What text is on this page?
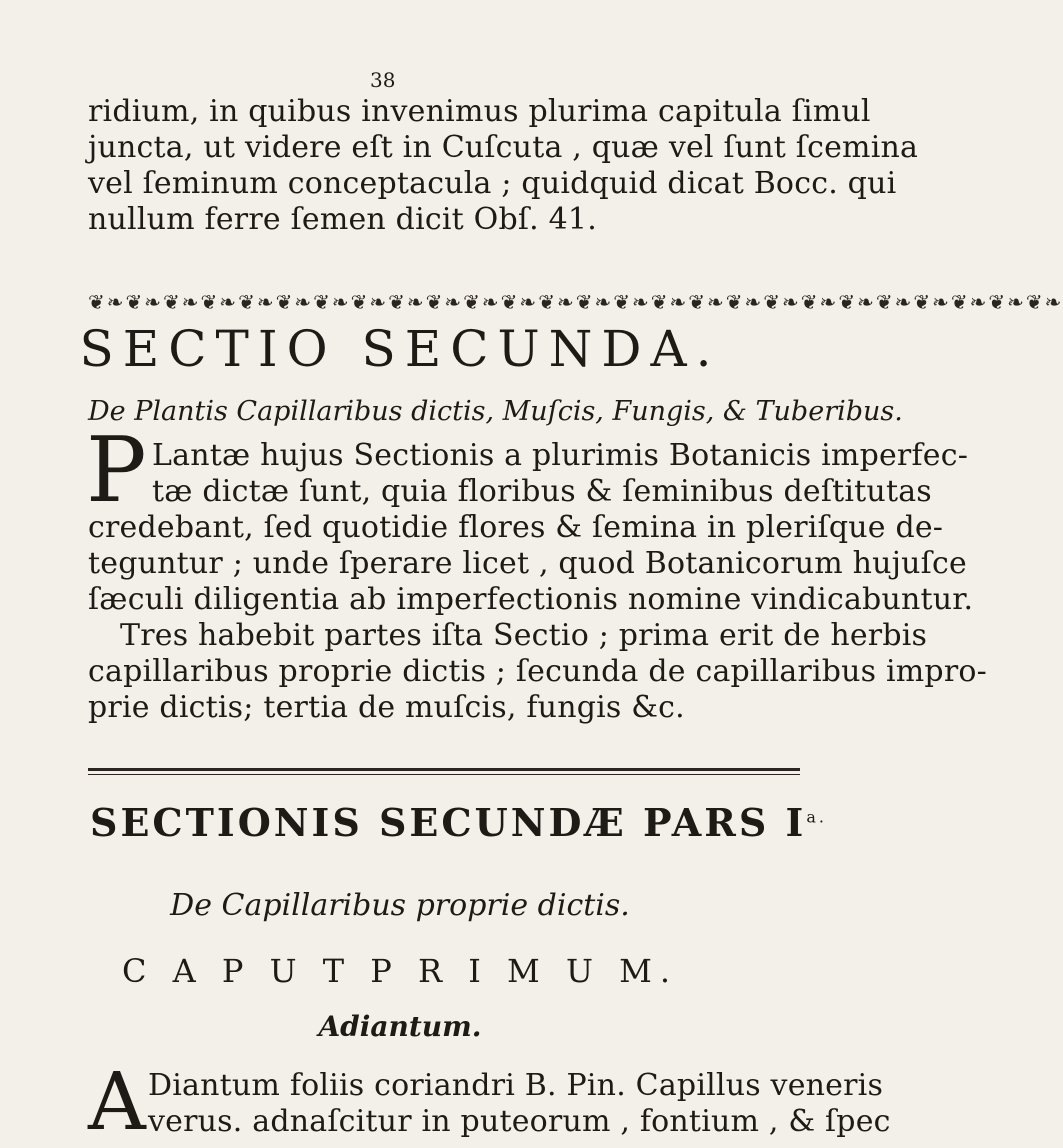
38
ridium, in quibus invenimus plurima capitula ſimul
juncta, ut videre eſt in Cuſcuta , quæ vel ſunt ſcemina
vel ſeminum conceptacula ; quidquid dicat Bocc. qui
nullum ferre ſemen dicit Obſ. 41.
❦❧❦❧❦❧❦❧❦❧❦❧❦❧❦❧❦❧❦❧❦❧❦❧❦❧❦❧❦❧❦❧❦❧❦❧❦❧❦❧❦❧❦❧❦❧❦❧❦❧❦❧
SECTIO SECUNDA.
De Plantis Capillaribus dictis, Muſcis, Fungis, & Tuberibus.
P Lantæ hujus Sectionis a plurimis Botanicis imperfec-
tæ dictæ ſunt, quia floribus & ſeminibus deſtitutas
credebant, ſed quotidie flores & ſemina in pleriſque de-
teguntur ; unde ſperare licet , quod Botanicorum hujuſce
ſæculi diligentia ab imperfectionis nomine vindicabuntur.
Tres habebit partes iſta Sectio ; prima erit de herbis
capillaribus proprie dictis ; ſecunda de capillaribus impro-
prie dictis; tertia de muſcis, fungis &c.
SECTIONIS SECUNDÆ PARS $I^{a.}$
De Capillaribus proprie dictis.
C A P U T P R I M U M.
Adiantum.
A Diantum foliis coriandri B. Pin. Capillus veneris
verus. adnaſcitur in puteorum , fontium , & ſpec
